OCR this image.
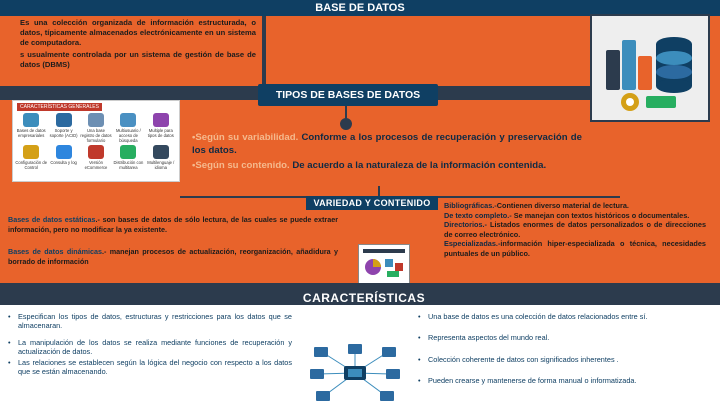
BASE DE DATOS

Es una colección organizada de información estructurada, o datos, típicamente almacenados electrónicamente en un sistema de computadora.

s usualmente controlada por un sistema de gestión de base de datos (DBMS)

TIPOS DE BASES DE DATOS
CARACTERÍSTICAS GENERALES
Bases de datos empresariales
Soporte y soporte (ACID)
Una base registro de datos formulario
Multiusuario / acceso de búsqueda
Multiple para tipos de datos
Configuración de Control
Consulta y log	Versión eCommerce
Distribución con multitarea
Multilenguaje / idioma

•Según su variabilidad. Conforme a los procesos de recuperación y preservación de los datos.

•Según su contenido. De acuerdo a la naturaleza de la información contenida.

VARIEDAD Y CONTENIDO

Bases de datos estáticas.- son bases de datos de sólo lectura, de las cuales se puede extraer información, pero no modificar la ya existente.

Bases de datos dinámicas.- manejan procesos de actualización, reorganización, añadidura y borrado de información

Bibliográficas.-Contienen diverso material de lectura.

De texto completo.- Se manejan con textos históricos o documentales.

Directorios.- Listados enormes de datos personalizados o de direcciones de correo electrónico.

Especializadas.-información hiper-especializada o técnica, necesidades puntuales de un público.

CARACTERÍSTICAS

• Especifican los tipos de datos, estructuras y restricciones para los datos que se almacenaran.

• La manipulación de los datos se realiza mediante funciones de recuperación y actualización de datos.

• Las relaciones se establecen según la lógica del negocio con respecto a los datos que se están almacenando.

• Una base de datos es una colección de datos relacionados entre sí.

• Representa aspectos del mundo real.

• Colección coherente de datos con significados inherentes .

• Pueden crearse y mantenerse de forma manual o informatizada.
